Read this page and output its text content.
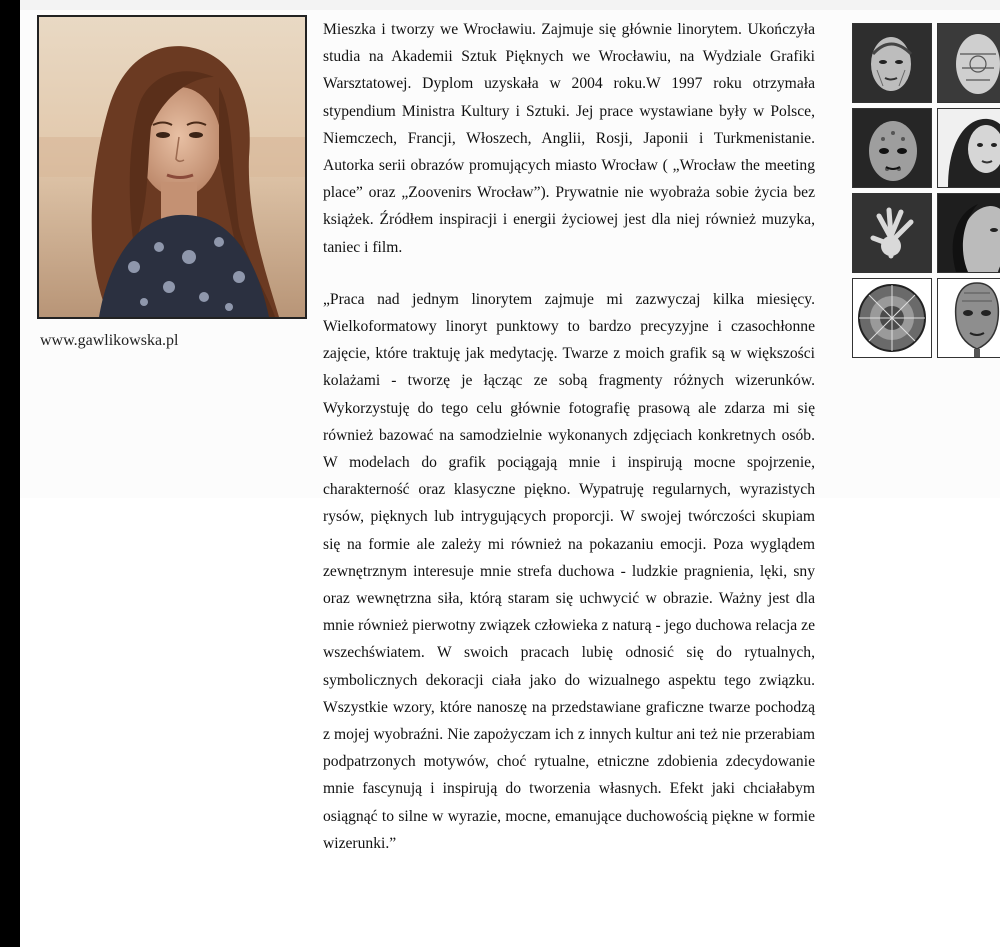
www.gawlikowska.pl

Mieszka i tworzy we Wrocławiu. Zajmuje się głównie linorytem. Ukończyła studia na Akademii Sztuk Pięknych we Wrocławiu, na Wydziale Grafiki Warsztatowej. Dyplom uzyskała w 2004 roku.W 1997 roku otrzymała stypendium Ministra Kultury i Sztuki. Jej prace wystawiane były w Polsce, Niemczech, Francji, Włoszech, Anglii, Rosji, Japonii i Turkmenistanie. Autorka serii obrazów promujących miasto Wrocław ( „Wrocław the meeting place” oraz „Zoovenirs Wrocław”). Prywatnie nie wyobraża sobie życia bez książek. Źródłem inspiracji i energii życiowej jest dla niej również muzyka, taniec i film.

„Praca nad jednym linorytem zajmuje mi zazwyczaj kilka miesięcy. Wielkoformatowy linoryt punktowy to bardzo precyzyjne i czasochłonne zajęcie, które traktuję jak medytację. Twarze z moich grafik są w większości kolażami - tworzę je łącząc ze sobą fragmenty różnych wizerunków. Wykorzystuję do tego celu głównie fotografię prasową ale zdarza mi się również bazować na samodzielnie wykonanych zdjęciach konkretnych osób. W modelach do grafik pociągają mnie i inspirują mocne spojrzenie, charakterność oraz klasyczne piękno. Wypatruję regularnych, wyrazistych rysów, pięknych lub intrygujących proporcji. W swojej twórczości skupiam się na formie ale zależy mi również na pokazaniu emocji. Poza wyglądem zewnętrznym interesuje mnie strefa duchowa - ludzkie pragnienia, lęki, sny oraz wewnętrzna siła, którą staram się uchwycić w obrazie. Ważny jest dla mnie również pierwotny związek człowieka z naturą - jego duchowa relacja ze wszechświatem. W swoich pracach lubię odnosić się do rytualnych, symbolicznych dekoracji ciała jako do wizualnego aspektu tego związku. Wszystkie wzory, które nanoszę na przedstawiane graficzne twarze pochodzą z mojej wyobraźni. Nie zapożyczam ich z innych kultur ani też nie przerabiam podpatrzonych motywów, choć rytualne, etniczne zdobienia zdecydowanie mnie fascynują i inspirują do tworzenia własnych. Efekt jaki chciałabym osiągnąć to silne w wyrazie, mocne, emanujące duchowością piękne w formie wizerunki.”
